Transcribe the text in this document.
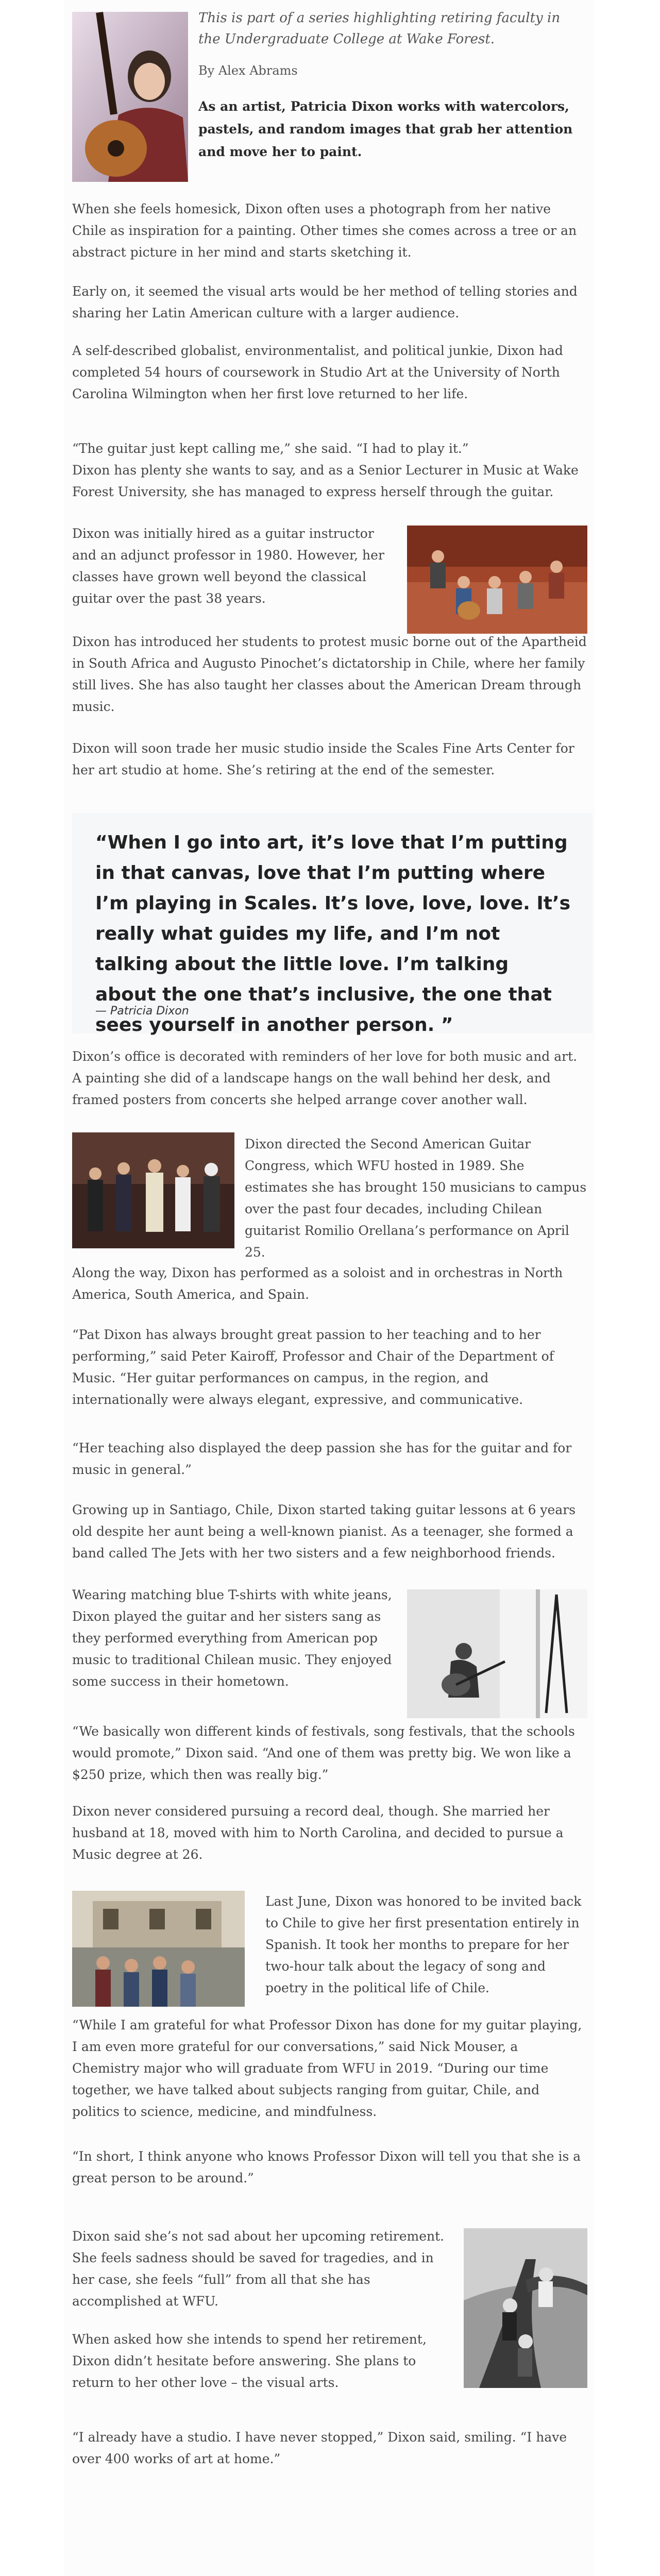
This is part of a series highlighting retiring faculty in the Undergraduate College at Wake Forest.

By Alex Abrams

As an artist, Patricia Dixon works with watercolors, pastels, and random images that grab her attention and move her to paint.

When she feels homesick, Dixon often uses a photograph from her native Chile as inspiration for a painting. Other times she comes across a tree or an abstract picture in her mind and starts sketching it.

Early on, it seemed the visual arts would be her method of telling stories and sharing her Latin American culture with a larger audience.

A self-described globalist, environmentalist, and political junkie, Dixon had completed 54 hours of coursework in Studio Art at the University of North Carolina Wilmington when her first love returned to her life.

“The guitar just kept calling me,” she said. “I had to play it.”

Dixon has plenty she wants to say, and as a Senior Lecturer in Music at Wake Forest University, she has managed to express herself through the guitar.

Dixon was initially hired as a guitar instructor and an adjunct professor in 1980. However, her classes have grown well beyond the classical guitar over the past 38 years.

Dixon has introduced her students to protest music borne out of the Apartheid in South Africa and Augusto Pinochet’s dictatorship in Chile, where her family still lives. She has also taught her classes about the American Dream through music.

Dixon will soon trade her music studio inside the Scales Fine Arts Center for her art studio at home. She’s retiring at the end of the semester.

“When I go into art, it’s love that I’m putting in that canvas, love that I’m putting where I’m playing in Scales. It’s love, love, love. It’s really what guides my life, and I’m not talking about the little love. I’m talking about the one that’s inclusive, the one that sees yourself in another person. ”

— Patricia Dixon

Dixon’s office is decorated with reminders of her love for both music and art. A painting she did of a landscape hangs on the wall behind her desk, and framed posters from concerts she helped arrange cover another wall.

Dixon directed the Second American Guitar Congress, which WFU hosted in 1989. She estimates she has brought 150 musicians to campus over the past four decades, including Chilean guitarist Romilio Orellana’s performance on April 25.

Along the way, Dixon has performed as a soloist and in orchestras in North America, South America, and Spain.

“Pat Dixon has always brought great passion to her teaching and to her performing,” said Peter Kairoff, Professor and Chair of the Department of Music. “Her guitar performances on campus, in the region, and internationally were always elegant, expressive, and communicative.

“Her teaching also displayed the deep passion she has for the guitar and for music in general.”

Growing up in Santiago, Chile, Dixon started taking guitar lessons at 6 years old despite her aunt being a well-known pianist. As a teenager, she formed a band called The Jets with her two sisters and a few neighborhood friends.

Wearing matching blue T-shirts with white jeans, Dixon played the guitar and her sisters sang as they performed everything from American pop music to traditional Chilean music. They enjoyed some success in their hometown.

“We basically won different kinds of festivals, song festivals, that the schools would promote,” Dixon said. “And one of them was pretty big. We won like a $250 prize, which then was really big.”

Dixon never considered pursuing a record deal, though. She married her husband at 18, moved with him to North Carolina, and decided to pursue a Music degree at 26.

Last June, Dixon was honored to be invited back to Chile to give her first presentation entirely in Spanish. It took her months to prepare for her two-hour talk about the legacy of song and poetry in the political life of Chile.

“While I am grateful for what Professor Dixon has done for my guitar playing, I am even more grateful for our conversations,” said Nick Mouser, a Chemistry major who will graduate from WFU in 2019. “During our time together, we have talked about subjects ranging from guitar, Chile, and politics to science, medicine, and mindfulness.

“In short, I think anyone who knows Professor Dixon will tell you that she is a great person to be around.”

Dixon said she’s not sad about her upcoming retirement. She feels sadness should be saved for tragedies, and in her case, she feels “full” from all that she has accomplished at WFU.

When asked how she intends to spend her retirement, Dixon didn’t hesitate before answering. She plans to return to her other love – the visual arts.

“I already have a studio. I have never stopped,” Dixon said, smiling. “I have over 400 works of art at home.”
